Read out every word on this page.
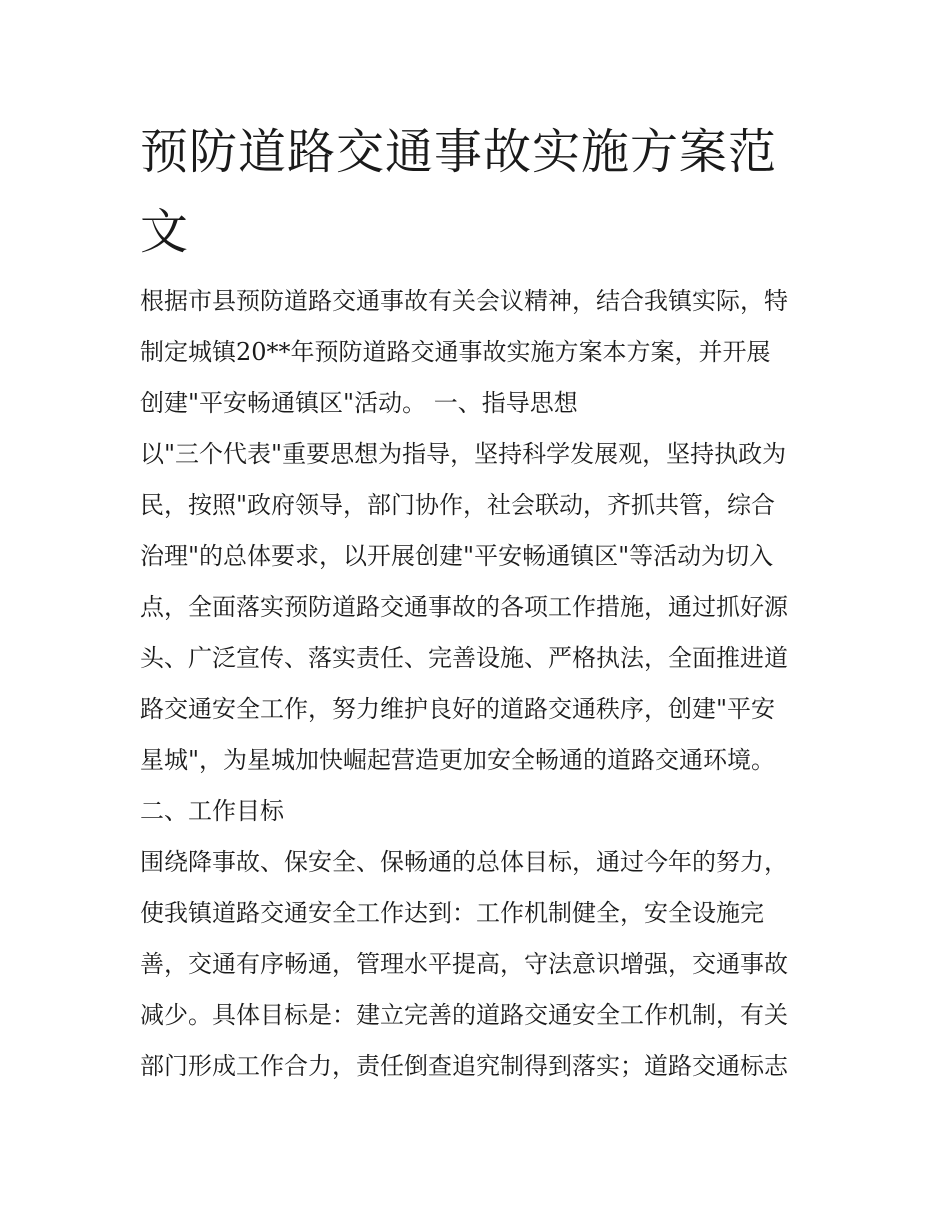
预防道路交通事故实施方案范文
根据市县预防道路交通事故有关会议精神，结合我镇实际，特
制定城镇20**年预防道路交通事故实施方案本方案，并开展
创建"平安畅通镇区"活动。 一、指导思想
以"三个代表"重要思想为指导，坚持科学发展观，坚持执政为
民，按照"政府领导，部门协作，社会联动，齐抓共管，综合
治理"的总体要求，以开展创建"平安畅通镇区"等活动为切入
点，全面落实预防道路交通事故的各项工作措施，通过抓好源
头、广泛宣传、落实责任、完善设施、严格执法，全面推进道
路交通安全工作，努力维护良好的道路交通秩序，创建"平安
星城"，为星城加快崛起营造更加安全畅通的道路交通环境。
二、工作目标
围绕降事故、保安全、保畅通的总体目标，通过今年的努力，
使我镇道路交通安全工作达到：工作机制健全，安全设施完
善，交通有序畅通，管理水平提高，守法意识增强，交通事故
减少。具体目标是：建立完善的道路交通安全工作机制，有关
部门形成工作合力，责任倒查追究制得到落实；道路交通标志
